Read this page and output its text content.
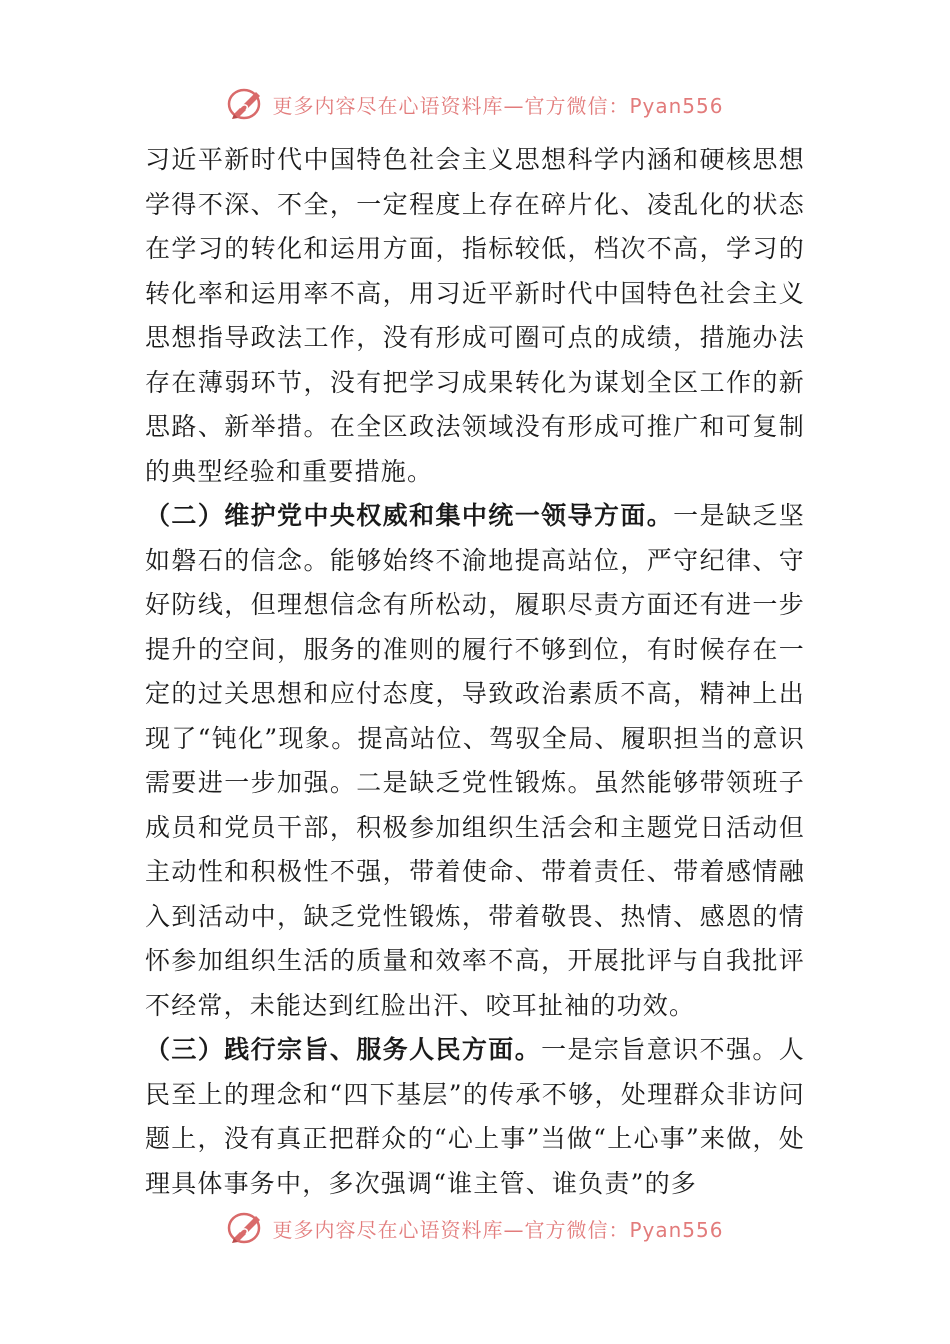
更多内容尽在心语资料库—官方微信：Pyan556

习近平新时代中国特色社会主义思想科学内涵和硬核思想学得不深、不全，一定程度上存在碎片化、凌乱化的状态在学习的转化和运用方面，指标较低，档次不高，学习的转化率和运用率不高，用习近平新时代中国特色社会主义思想指导政法工作，没有形成可圈可点的成绩，措施办法存在薄弱环节，没有把学习成果转化为谋划全区工作的新思路、新举措。在全区政法领域没有形成可推广和可复制的典型经验和重要措施。

（二）维护党中央权威和集中统一领导方面。一是缺乏坚如磐石的信念。能够始终不渝地提高站位，严守纪律、守好防线，但理想信念有所松动，履职尽责方面还有进一步提升的空间，服务的准则的履行不够到位，有时候存在一定的过关思想和应付态度，导致政治素质不高，精神上出现了“钝化”现象。提高站位、驾驭全局、履职担当的意识需要进一步加强。二是缺乏党性锻炼。虽然能够带领班子成员和党员干部，积极参加组织生活会和主题党日活动但主动性和积极性不强，带着使命、带着责任、带着感情融入到活动中，缺乏党性锻炼，带着敬畏、热情、感恩的情怀参加组织生活的质量和效率不高，开展批评与自我批评不经常，未能达到红脸出汗、咬耳扯袖的功效。

（三）践行宗旨、服务人民方面。一是宗旨意识不强。人民至上的理念和“四下基层”的传承不够，处理群众非访问题上，没有真正把群众的“心上事”当做“上心事”来做，处理具体事务中，多次强调“谁主管、谁负责”的多

更多内容尽在心语资料库—官方微信：Pyan556
